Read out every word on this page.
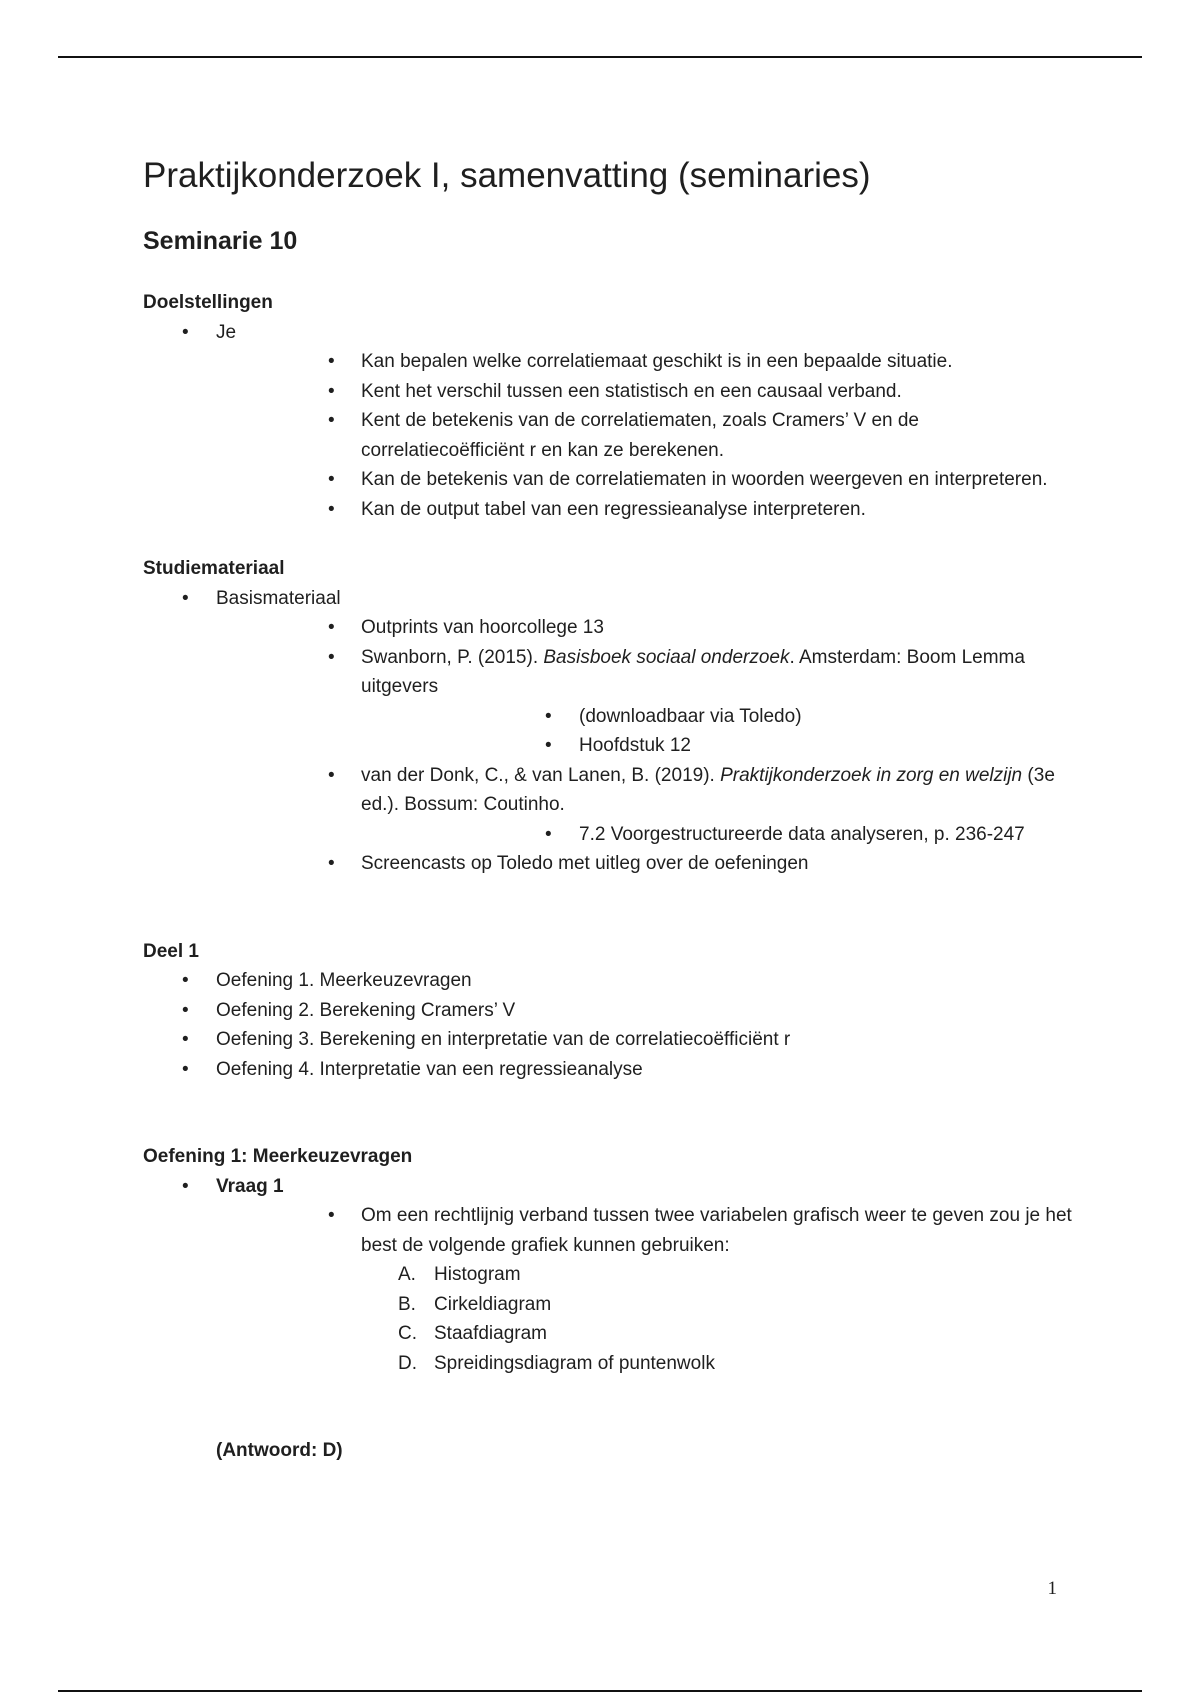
Praktijkonderzoek I, samenvatting (seminaries)
Seminarie 10

Doelstellingen

• Je
• Kan bepalen welke correlatiemaat geschikt is in een bepaalde situatie.
• Kent het verschil tussen een statistisch en een causaal verband.
• Kent de betekenis van de correlatiematen, zoals Cramers’ V en de correlatiecoëfficiënt r en kan ze berekenen.
• Kan de betekenis van de correlatiematen in woorden weergeven en interpreteren.
• Kan de output tabel van een regressieanalyse interpreteren.

Studiemateriaal

• Basismateriaal
• Outprints van hoorcollege 13
• Swanborn, P. (2015). Basisboek sociaal onderzoek. Amsterdam: Boom Lemma uitgevers
• (downloadbaar via Toledo)
• Hoofdstuk 12
• van der Donk, C., & van Lanen, B. (2019). Praktijkonderzoek in zorg en welzijn (3e ed.). Bossum: Coutinho.
• 7.2 Voorgestructureerde data analyseren, p. 236-247
• Screencasts op Toledo met uitleg over de oefeningen

Deel 1

• Oefening 1. Meerkeuzevragen
• Oefening 2. Berekening Cramers’ V
• Oefening 3. Berekening en interpretatie van de correlatiecoëfficiënt r
• Oefening 4. Interpretatie van een regressieanalyse

Oefening 1: Meerkeuzevragen

• Vraag 1
• Om een rechtlijnig verband tussen twee variabelen grafisch weer te geven zou je het best de volgende grafiek kunnen gebruiken:
A. Histogram
B. Cirkeldiagram
C. Staafdiagram
D. Spreidingsdiagram of puntenwolk
(Antwoord: D)
1
